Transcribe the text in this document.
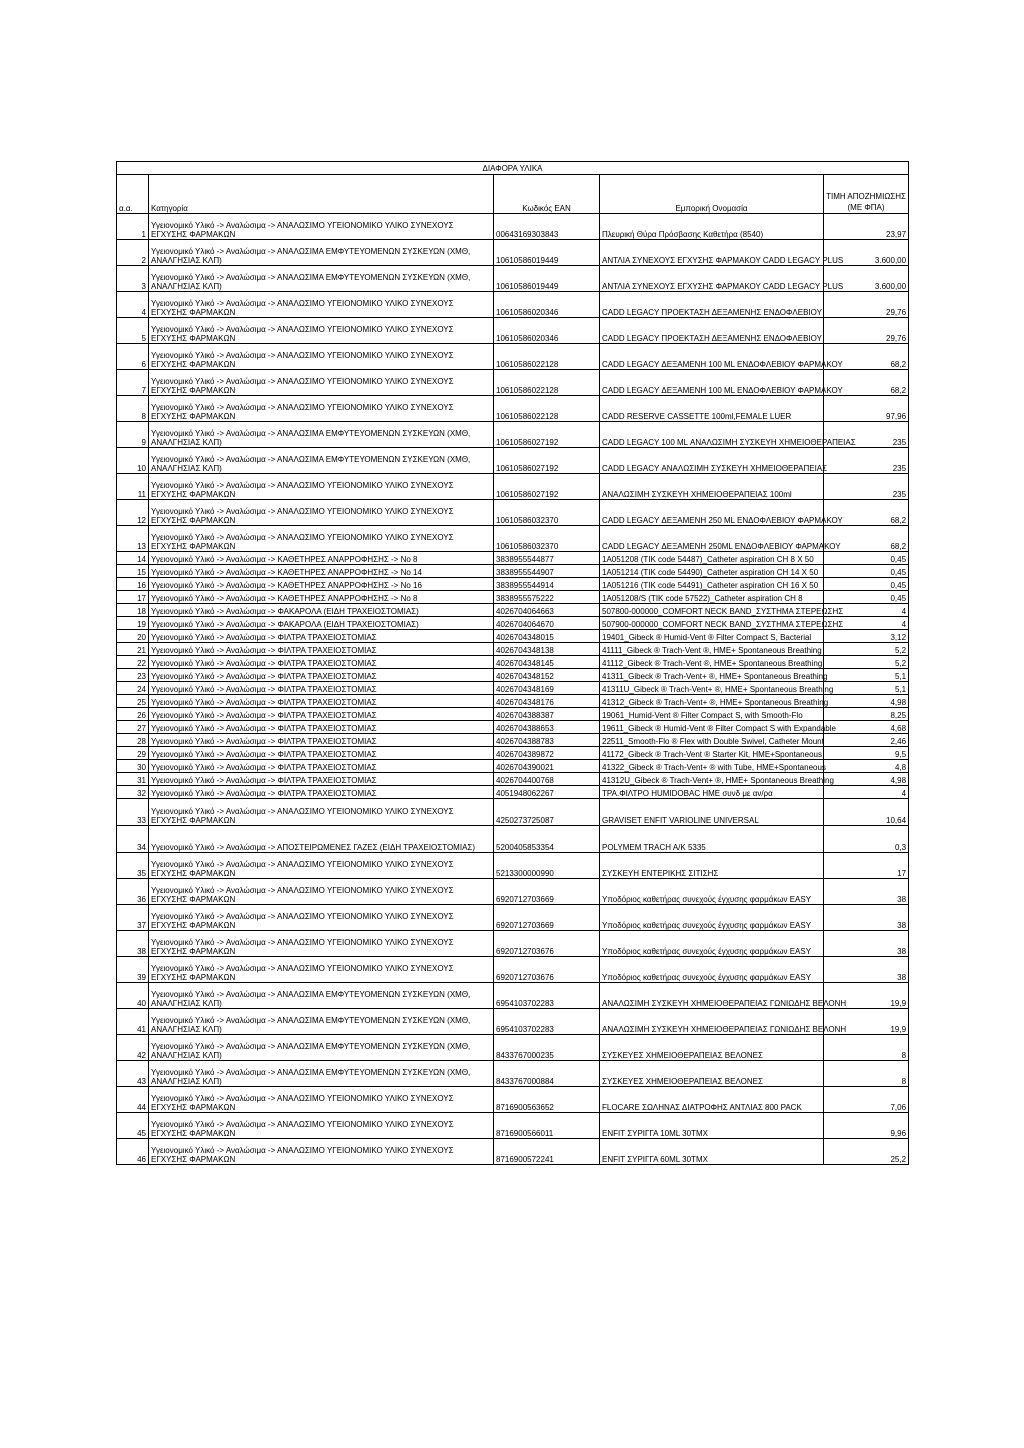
ΔΙΑΦΟΡΑ ΥΛΙΚΑ				
α.α.	Κατηγορία	Κωδικός ΕΑΝ	Εμπορική Ονομασία	ΤΙΜΗ ΑΠΟΖΗΜΙΩΣΗΣ (ΜΕ ΦΠΑ)
1	Υγειονομικό Υλικό -> Αναλώσιμα -> ΑΝΑΛΩΣΙΜΟ ΥΓΕΙΟΝΟΜΙΚΟ ΥΛΙΚΟ ΣΥΝΕΧΟΥΣ ΕΓΧΥΣΗΣ ΦΑΡΜΑΚΩΝ	00643169303843	Πλευρική Θύρα Πρόσβασης Καθετήρα (8540)	23,97
2	Υγειονομικό Υλικό -> Αναλώσιμα -> ΑΝΑΛΩΣΙΜΑ ΕΜΦΥΤΕΥΟΜΕΝΩΝ ΣΥΣΚΕΥΩΝ (ΧΜΘ, ΑΝΑΛΓΗΣΙΑΣ ΚΛΠ)	10610586019449	ΑΝΤΛΙΑ ΣΥΝΕΧΟΥΣ ΕΓΧΥΣΗΣ ΦΑΡΜΑΚΟΥ CADD LEGACY PLUS	3.600,00
3	Υγειονομικό Υλικό -> Αναλώσιμα -> ΑΝΑΛΩΣΙΜΑ ΕΜΦΥΤΕΥΟΜΕΝΩΝ ΣΥΣΚΕΥΩΝ (ΧΜΘ, ΑΝΑΛΓΗΣΙΑΣ ΚΛΠ)	10610586019449	ΑΝΤΛΙΑ ΣΥΝΕΧΟΥΣ ΕΓΧΥΣΗΣ ΦΑΡΜΑΚΟΥ CADD LEGACY PLUS	3.600,00
4	Υγειονομικό Υλικό -> Αναλώσιμα -> ΑΝΑΛΩΣΙΜΟ ΥΓΕΙΟΝΟΜΙΚΟ ΥΛΙΚΟ ΣΥΝΕΧΟΥΣ ΕΓΧΥΣΗΣ ΦΑΡΜΑΚΩΝ	10610586020346	CADD LEGACY ΠΡΟΕΚΤΑΣΗ ΔΕΞΑΜΕΝΗΣ ΕΝΔΟΦΛΕΒΙΟΥ	29,76
5	Υγειονομικό Υλικό -> Αναλώσιμα -> ΑΝΑΛΩΣΙΜΟ ΥΓΕΙΟΝΟΜΙΚΟ ΥΛΙΚΟ ΣΥΝΕΧΟΥΣ ΕΓΧΥΣΗΣ ΦΑΡΜΑΚΩΝ	10610586020346	CADD LEGACY ΠΡΟΕΚΤΑΣΗ ΔΕΞΑΜΕΝΗΣ ΕΝΔΟΦΛΕΒΙΟΥ	29,76
6	Υγειονομικό Υλικό -> Αναλώσιμα -> ΑΝΑΛΩΣΙΜΟ ΥΓΕΙΟΝΟΜΙΚΟ ΥΛΙΚΟ ΣΥΝΕΧΟΥΣ ΕΓΧΥΣΗΣ ΦΑΡΜΑΚΩΝ	10610586022128	CADD LEGACY ΔΕΞΑΜΕΝΗ 100 ML ΕΝΔΟΦΛΕΒΙΟΥ ΦΑΡΜΑΚΟΥ	68,2
7	Υγειονομικό Υλικό -> Αναλώσιμα -> ΑΝΑΛΩΣΙΜΟ ΥΓΕΙΟΝΟΜΙΚΟ ΥΛΙΚΟ ΣΥΝΕΧΟΥΣ ΕΓΧΥΣΗΣ ΦΑΡΜΑΚΩΝ	10610586022128	CADD LEGACY ΔΕΞΑΜΕΝΗ 100 ML ΕΝΔΟΦΛΕΒΙΟΥ ΦΑΡΜΑΚΟΥ	68,2
8	Υγειονομικό Υλικό -> Αναλώσιμα -> ΑΝΑΛΩΣΙΜΟ ΥΓΕΙΟΝΟΜΙΚΟ ΥΛΙΚΟ ΣΥΝΕΧΟΥΣ ΕΓΧΥΣΗΣ ΦΑΡΜΑΚΩΝ	10610586022128	CADD RESERVE CASSETTE 100ml,FEMALE LUER	97,96
9	Υγειονομικό Υλικό -> Αναλώσιμα -> ΑΝΑΛΩΣΙΜΑ ΕΜΦΥΤΕΥΟΜΕΝΩΝ ΣΥΣΚΕΥΩΝ (ΧΜΘ, ΑΝΑΛΓΗΣΙΑΣ ΚΛΠ)	10610586027192	CADD LEGACY 100 ML ΑΝΑΛΩΣΙΜΗ ΣΥΣΚΕΥΗ ΧΗΜΕΙΟΘΕΡΑΠΕΙΑΣ	235
10	Υγειονομικό Υλικό -> Αναλώσιμα -> ΑΝΑΛΩΣΙΜΑ ΕΜΦΥΤΕΥΟΜΕΝΩΝ ΣΥΣΚΕΥΩΝ (ΧΜΘ, ΑΝΑΛΓΗΣΙΑΣ ΚΛΠ)	10610586027192	CADD LEGACY ΑΝΑΛΩΣΙΜΗ ΣΥΣΚΕΥΗ ΧΗΜΕΙΟΘΕΡΑΠΕΙΑΣ	235
11	Υγειονομικό Υλικό -> Αναλώσιμα -> ΑΝΑΛΩΣΙΜΟ ΥΓΕΙΟΝΟΜΙΚΟ ΥΛΙΚΟ ΣΥΝΕΧΟΥΣ ΕΓΧΥΣΗΣ ΦΑΡΜΑΚΩΝ	10610586027192	ΑΝΑΛΩΣΙΜΗ ΣΥΣΚΕΥΗ ΧΗΜΕΙΟΘΕΡΑΠΕΙΑΣ 100ml	235
12	Υγειονομικό Υλικό -> Αναλώσιμα -> ΑΝΑΛΩΣΙΜΟ ΥΓΕΙΟΝΟΜΙΚΟ ΥΛΙΚΟ ΣΥΝΕΧΟΥΣ ΕΓΧΥΣΗΣ ΦΑΡΜΑΚΩΝ	10610586032370	CADD LEGACY ΔΕΞΑΜΕΝΗ 250 ML ΕΝΔΟΦΛΕΒΙΟΥ ΦΑΡΜΑΚΟΥ	68,2
13	Υγειονομικό Υλικό -> Αναλώσιμα -> ΑΝΑΛΩΣΙΜΟ ΥΓΕΙΟΝΟΜΙΚΟ ΥΛΙΚΟ ΣΥΝΕΧΟΥΣ ΕΓΧΥΣΗΣ ΦΑΡΜΑΚΩΝ	10610586032370	CADD LEGACY ΔΕΞΑΜΕΝΗ 250ML ΕΝΔΟΦΛΕΒΙΟΥ ΦΑΡΜΑΚΟΥ	68,2
14	Υγειονομικό Υλικό -> Αναλώσιμα -> ΚΑΘΕΤΗΡΕΣ ΑΝΑΡΡΟΦΗΣΗΣ -> No 8	3838955544877	1A051208 (TIK code 54487)_Catheter aspiration CH 8 X 50	0,45
15	Υγειονομικό Υλικό -> Αναλώσιμα -> ΚΑΘΕΤΗΡΕΣ ΑΝΑΡΡΟΦΗΣΗΣ -> No 14	3838955544907	1A051214 (TIK code 54490)_Catheter aspiration CH 14 X 50	0,45
16	Υγειονομικό Υλικό -> Αναλώσιμα -> ΚΑΘΕΤΗΡΕΣ ΑΝΑΡΡΟΦΗΣΗΣ -> No 16	3838955544914	1A051216 (TIK code 54491)_Catheter aspiration CH 16 X 50	0,45
17	Υγειονομικό Υλικό -> Αναλώσιμα -> ΚΑΘΕΤΗΡΕΣ ΑΝΑΡΡΟΦΗΣΗΣ -> No 8	3838955575222	1A051208/S (TIK code 57522)_Catheter aspiration CH 8	0,45
18	Υγειονομικό Υλικό -> Αναλώσιμα -> ΦΑΚΑΡΟΛΑ (ΕΙΔΗ ΤΡΑΧΕΙΟΣΤΟΜΙΑΣ)	4026704064663	507800-000000_COMFORT NECK BAND_ΣΥΣΤΗΜΑ ΣΤΕΡΕΩΣΗΣ	4
19	Υγειονομικό Υλικό -> Αναλώσιμα -> ΦΑΚΑΡΟΛΑ (ΕΙΔΗ ΤΡΑΧΕΙΟΣΤΟΜΙΑΣ)	4026704064670	507900-000000_COMFORT NECK BAND_ΣΥΣΤΗΜΑ ΣΤΕΡΕΩΣΗΣ	4
20	Υγειονομικό Υλικό -> Αναλώσιμα -> ΦΙΛΤΡΑ ΤΡΑΧΕΙΟΣΤΟΜΙΑΣ	4026704348015	19401_Gibeck ® Humid-Vent ® Filter Compact S, Bacterial	3,12
21	Υγειονομικό Υλικό -> Αναλώσιμα -> ΦΙΛΤΡΑ ΤΡΑΧΕΙΟΣΤΟΜΙΑΣ	4026704348138	41111_Gibeck ® Trach-Vent ®, HME+ Spontaneous Breathing	5,2
22	Υγειονομικό Υλικό -> Αναλώσιμα -> ΦΙΛΤΡΑ ΤΡΑΧΕΙΟΣΤΟΜΙΑΣ	4026704348145	41112_Gibeck ® Trach-Vent ®, HME+ Spontaneous Breathing	5,2
23	Υγειονομικό Υλικό -> Αναλώσιμα -> ΦΙΛΤΡΑ ΤΡΑΧΕΙΟΣΤΟΜΙΑΣ	4026704348152	41311_Gibeck ® Trach-Vent+ ®, HME+ Spontaneous Breathing	5,1
24	Υγειονομικό Υλικό -> Αναλώσιμα -> ΦΙΛΤΡΑ ΤΡΑΧΕΙΟΣΤΟΜΙΑΣ	4026704348169	41311U_Gibeck ® Trach-Vent+ ®, HME+ Spontaneous Breathing	5,1
25	Υγειονομικό Υλικό -> Αναλώσιμα -> ΦΙΛΤΡΑ ΤΡΑΧΕΙΟΣΤΟΜΙΑΣ	4026704348176	41312_Gibeck ® Trach-Vent+ ®, HME+ Spontaneous Breathing	4,98
26	Υγειονομικό Υλικό -> Αναλώσιμα -> ΦΙΛΤΡΑ ΤΡΑΧΕΙΟΣΤΟΜΙΑΣ	4026704388387	19061_Humid-Vent ® Filter Compact S, with Smooth-Flo	8,25
27	Υγειονομικό Υλικό -> Αναλώσιμα -> ΦΙΛΤΡΑ ΤΡΑΧΕΙΟΣΤΟΜΙΑΣ	4026704388653	19611_Gibeck ® Humid-Vent ® Filter Compact S with Expandable	4,68
28	Υγειονομικό Υλικό -> Αναλώσιμα -> ΦΙΛΤΡΑ ΤΡΑΧΕΙΟΣΤΟΜΙΑΣ	4026704388783	22511_Smooth-Flo ® Flex with Double Swivel, Catheter Mount	2,46
29	Υγειονομικό Υλικό -> Αναλώσιμα -> ΦΙΛΤΡΑ ΤΡΑΧΕΙΟΣΤΟΜΙΑΣ	4026704389872	41172_Gibeck ® Trach-Vent ® Starter Kit, HME+Spontaneous	9,5
30	Υγειονομικό Υλικό -> Αναλώσιμα -> ΦΙΛΤΡΑ ΤΡΑΧΕΙΟΣΤΟΜΙΑΣ	4026704390021	41322_Gibeck ® Trach-Vent+ ® with Tube, HME+Spontaneous	4,8
31	Υγειονομικό Υλικό -> Αναλώσιμα -> ΦΙΛΤΡΑ ΤΡΑΧΕΙΟΣΤΟΜΙΑΣ	4026704400768	41312U_Gibeck ® Trach-Vent+ ®, HME+ Spontaneous Breathing	4,98
32	Υγειονομικό Υλικό -> Αναλώσιμα -> ΦΙΛΤΡΑ ΤΡΑΧΕΙΟΣΤΟΜΙΑΣ	4051948062267	ΤΡΑ.ΦΙΛΤΡΟ HUMIDOBAC HME συνδ με αν/ρα	4
33	Υγειονομικό Υλικό -> Αναλώσιμα -> ΑΝΑΛΩΣΙΜΟ ΥΓΕΙΟΝΟΜΙΚΟ ΥΛΙΚΟ ΣΥΝΕΧΟΥΣ ΕΓΧΥΣΗΣ ΦΑΡΜΑΚΩΝ	4250273725087	GRAVISET ENFIT VARIOLINE UNIVERSAL	10,64
34	Υγειονομικό Υλικό -> Αναλώσιμα -> ΑΠΟΣΤΕΙΡΩΜΕΝΕΣ ΓΑΖΕΣ (ΕΙΔΗ ΤΡΑΧΕΙΟΣΤΟΜΙΑΣ)	5200405853354	POLYMEM TRACH A/K 5335	0,3
35	Υγειονομικό Υλικό -> Αναλώσιμα -> ΑΝΑΛΩΣΙΜΟ ΥΓΕΙΟΝΟΜΙΚΟ ΥΛΙΚΟ ΣΥΝΕΧΟΥΣ ΕΓΧΥΣΗΣ ΦΑΡΜΑΚΩΝ	5213300000990	ΣΥΣΚΕΥΗ ΕΝΤΕΡΙΚΗΣ ΣΙΤΙΣΗΣ	17
36	Υγειονομικό Υλικό -> Αναλώσιμα -> ΑΝΑΛΩΣΙΜΟ ΥΓΕΙΟΝΟΜΙΚΟ ΥΛΙΚΟ ΣΥΝΕΧΟΥΣ ΕΓΧΥΣΗΣ ΦΑΡΜΑΚΩΝ	6920712703669	Υποδόριος καθετήρας συνεχούς έγχυσης φαρμάκων EASY	38
37	Υγειονομικό Υλικό -> Αναλώσιμα -> ΑΝΑΛΩΣΙΜΟ ΥΓΕΙΟΝΟΜΙΚΟ ΥΛΙΚΟ ΣΥΝΕΧΟΥΣ ΕΓΧΥΣΗΣ ΦΑΡΜΑΚΩΝ	6920712703669	Υποδόριος καθετήρας συνεχούς έγχυσης φαρμάκων EASY	38
38	Υγειονομικό Υλικό -> Αναλώσιμα -> ΑΝΑΛΩΣΙΜΟ ΥΓΕΙΟΝΟΜΙΚΟ ΥΛΙΚΟ ΣΥΝΕΧΟΥΣ ΕΓΧΥΣΗΣ ΦΑΡΜΑΚΩΝ	6920712703676	Υποδόριος καθετήρας συνεχούς έγχυσης φαρμάκων EASY	38
39	Υγειονομικό Υλικό -> Αναλώσιμα -> ΑΝΑΛΩΣΙΜΟ ΥΓΕΙΟΝΟΜΙΚΟ ΥΛΙΚΟ ΣΥΝΕΧΟΥΣ ΕΓΧΥΣΗΣ ΦΑΡΜΑΚΩΝ	6920712703676	Υποδόριος καθετήρας συνεχούς έγχυσης φαρμάκων EASY	38
40	Υγειονομικό Υλικό -> Αναλώσιμα -> ΑΝΑΛΩΣΙΜΑ ΕΜΦΥΤΕΥΟΜΕΝΩΝ ΣΥΣΚΕΥΩΝ (ΧΜΘ, ΑΝΑΛΓΗΣΙΑΣ ΚΛΠ)	6954103702283	ΑΝΑΛΩΣΙΜΗ ΣΥΣΚΕΥΗ ΧΗΜΕΙΟΘΕΡΑΠΕΙΑΣ ΓΩΝΙΩΔΗΣ ΒΕΛΟΝΗ	19,9
41	Υγειονομικό Υλικό -> Αναλώσιμα -> ΑΝΑΛΩΣΙΜΑ ΕΜΦΥΤΕΥΟΜΕΝΩΝ ΣΥΣΚΕΥΩΝ (ΧΜΘ, ΑΝΑΛΓΗΣΙΑΣ ΚΛΠ)	6954103702283	ΑΝΑΛΩΣΙΜΗ ΣΥΣΚΕΥΗ ΧΗΜΕΙΟΘΕΡΑΠΕΙΑΣ ΓΩΝΙΩΔΗΣ ΒΕΛΟΝΗ	19,9
42	Υγειονομικό Υλικό -> Αναλώσιμα -> ΑΝΑΛΩΣΙΜΑ ΕΜΦΥΤΕΥΟΜΕΝΩΝ ΣΥΣΚΕΥΩΝ (ΧΜΘ, ΑΝΑΛΓΗΣΙΑΣ ΚΛΠ)	8433767000235	ΣΥΣΚΕΥΕΣ ΧΗΜΕΙΟΘΕΡΑΠΕΙΑΣ ΒΕΛΟΝΕΣ	8
43	Υγειονομικό Υλικό -> Αναλώσιμα -> ΑΝΑΛΩΣΙΜΑ ΕΜΦΥΤΕΥΟΜΕΝΩΝ ΣΥΣΚΕΥΩΝ (ΧΜΘ, ΑΝΑΛΓΗΣΙΑΣ ΚΛΠ)	8433767000884	ΣΥΣΚΕΥΕΣ ΧΗΜΕΙΟΘΕΡΑΠΕΙΑΣ ΒΕΛΟΝΕΣ	8
44	Υγειονομικό Υλικό -> Αναλώσιμα -> ΑΝΑΛΩΣΙΜΟ ΥΓΕΙΟΝΟΜΙΚΟ ΥΛΙΚΟ ΣΥΝΕΧΟΥΣ ΕΓΧΥΣΗΣ ΦΑΡΜΑΚΩΝ	8716900563652	FLOCARE ΣΩΛΗΝΑΣ ΔΙΑΤΡΟΦΗΣ ΑΝΤΛΙΑΣ 800 PACK	7,06
45	Υγειονομικό Υλικό -> Αναλώσιμα -> ΑΝΑΛΩΣΙΜΟ ΥΓΕΙΟΝΟΜΙΚΟ ΥΛΙΚΟ ΣΥΝΕΧΟΥΣ ΕΓΧΥΣΗΣ ΦΑΡΜΑΚΩΝ	8716900566011	ENFIT ΣΥΡΙΓΓΑ 10ML 30TMX	9,96
46	Υγειονομικό Υλικό -> Αναλώσιμα -> ΑΝΑΛΩΣΙΜΟ ΥΓΕΙΟΝΟΜΙΚΟ ΥΛΙΚΟ ΣΥΝΕΧΟΥΣ ΕΓΧΥΣΗΣ ΦΑΡΜΑΚΩΝ	8716900572241	ENFIT ΣΥΡΙΓΓΑ 60ML 30TMX	25,2
